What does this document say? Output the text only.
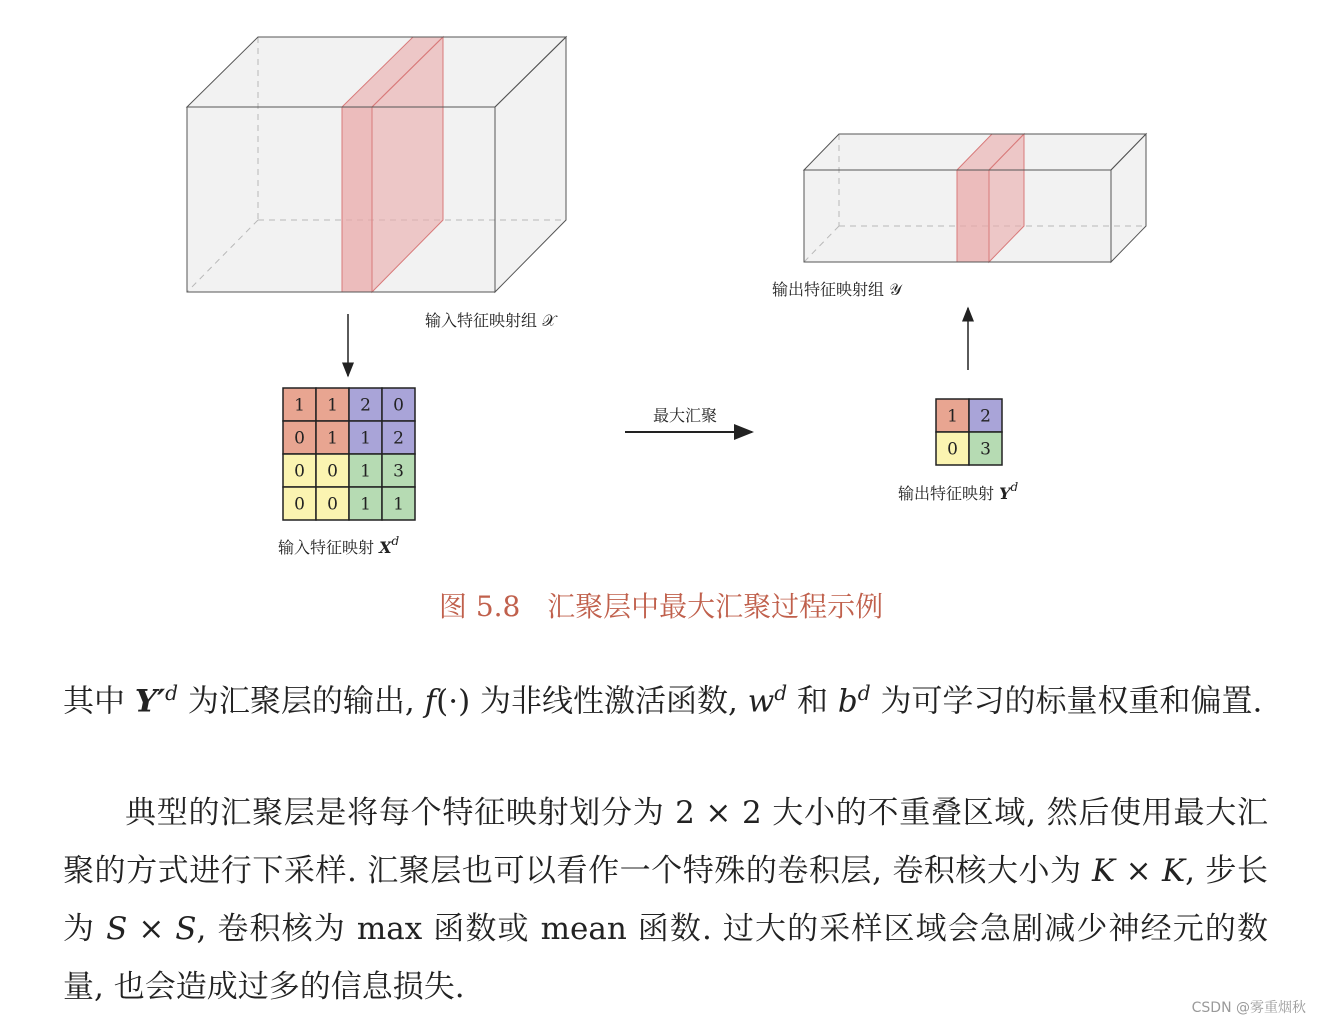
输入特征映射组 𝒳
1 1 2 0
0 1 1 2
0 0 1 3
0 0 1 1
输入特征映射 $X^d$
最大汇聚	1 2
0 3
输出特征映射 $Y^d$
输出特征映射组 𝒴
图 5.8 汇聚层中最大汇聚过程示例

其中 $Y'^d$ 为汇聚层的输出, f(·) 为非线性激活函数, $w^d$ 和 $b^d$ 为可学习的标量权重和偏置.

典型的汇聚层是将每个特征映射划分为 2 × 2 大小的不重叠区域, 然后使用最大汇聚的方式进行下采样. 汇聚层也可以看作一个特殊的卷积层, 卷积核大小为 K × K, 步长为 S × S, 卷积核为 max 函数或 mean 函数. 过大的采样区域会急剧减少神经元的数量, 也会造成过多的信息损失.

CSDN @雾重烟秋
